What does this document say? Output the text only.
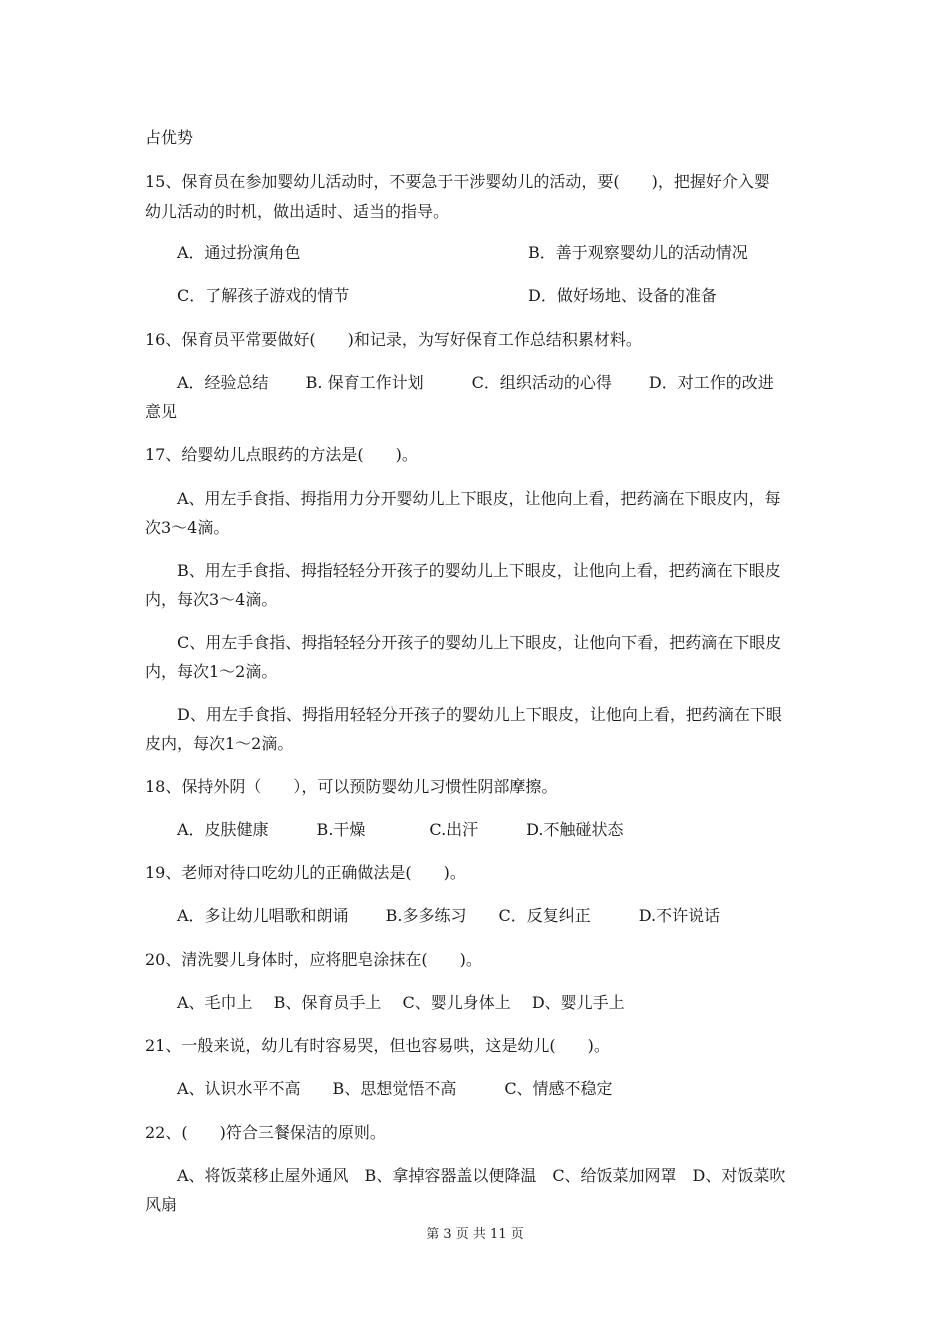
占优势
15、保育员在参加婴幼儿活动时，不要急于干涉婴幼儿的活动，要(　　)，把握好介入婴
幼儿活动的时机，做出适时、适当的指导。
A．通过扮演角色	B．善于观察婴幼儿的活动情况
C．了解孩子游戏的情节	D．做好场地、设备的准备
16、保育员平常要做好(　　)和记录，为写好保育工作总结积累材料。
A．经验总结　　 B. 保育工作计划　　　C．组织活动的心得　　 D．对工作的改进
意见
17、给婴幼儿点眼药的方法是(　　)。
A、用左手食指、拇指用力分开婴幼儿上下眼皮，让他向上看，把药滴在下眼皮内，每
次3～4滴。
B、用左手食指、拇指轻轻分开孩子的婴幼儿上下眼皮，让他向上看，把药滴在下眼皮
内，每次3～4滴。
C、用左手食指、拇指轻轻分开孩子的婴幼儿上下眼皮，让他向下看，把药滴在下眼皮
内，每次1～2滴。
D、用左手食指、拇指用轻轻分开孩子的婴幼儿上下眼皮，让他向上看，把药滴在下眼
皮内，每次1～2滴。
18、保持外阴（　　），可以预防婴幼儿习惯性阴部摩擦。
A．皮肤健康　　　B.干燥　　　　C.出汗　　　D.不触碰状态
19、老师对待口吃幼儿的正确做法是(　　)。
A．多让幼儿唱歌和朗诵　　 B.多多练习　　C．反复纠正　　　D.不许说话
20、清洗婴儿身体时，应将肥皂涂抹在(　　)。
A、毛巾上　 B、保育员手上　 C、婴儿身体上　 D、婴儿手上
21、一般来说，幼儿有时容易哭，但也容易哄，这是幼儿(　　)。
A、认识水平不高　　B、思想觉悟不高　　　C、情感不稳定
22、(　　)符合三餐保洁的原则。
A、将饭菜移止屋外通风　B、拿掉容器盖以便降温　C、给饭菜加网罩　D、对饭菜吹
风扇
第 3 页 共 11 页
